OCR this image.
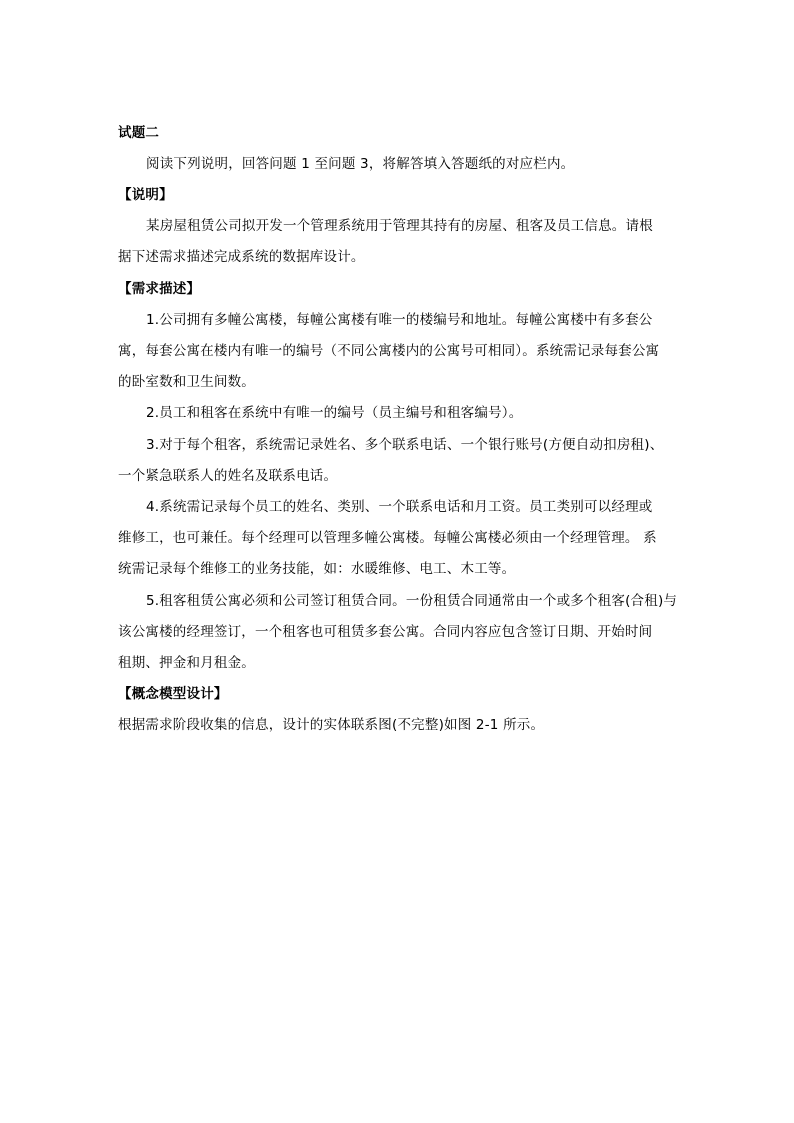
试题二
阅读下列说明，回答问题 1 至问题 3，将解答填入答题纸的对应栏内。
【说明】
某房屋租赁公司拟开发一个管理系统用于管理其持有的房屋、租客及员工信息。请根
据下述需求描述完成系统的数据库设计。
【需求描述】
1.公司拥有多幢公寓楼，每幢公寓楼有唯一的楼编号和地址。每幢公寓楼中有多套公
寓，每套公寓在楼内有唯一的编号（不同公寓楼内的公寓号可相同）。系统需记录每套公寓
的卧室数和卫生间数。
2.员工和租客在系统中有唯一的编号（员主编号和租客编号）。
3.对于每个租客，系统需记录姓名、多个联系电话、一个银行账号(方便自动扣房租)、
一个紧急联系人的姓名及联系电话。
4.系统需记录每个员工的姓名、类别、一个联系电话和月工资。员工类别可以经理或
维修工，也可兼任。每个经理可以管理多幢公寓楼。每幢公寓楼必须由一个经理管理。 系
统需记录每个维修工的业务技能，如：水暖维修、电工、木工等。
5.租客租赁公寓必须和公司签订租赁合同。一份租赁合同通常由一个或多个租客(合租)与
该公寓楼的经理签订，一个租客也可租赁多套公寓。合同内容应包含签订日期、开始时间
租期、押金和月租金。
【概念模型设计】
根据需求阶段收集的信息，设计的实体联系图(不完整)如图 2-1 所示。
